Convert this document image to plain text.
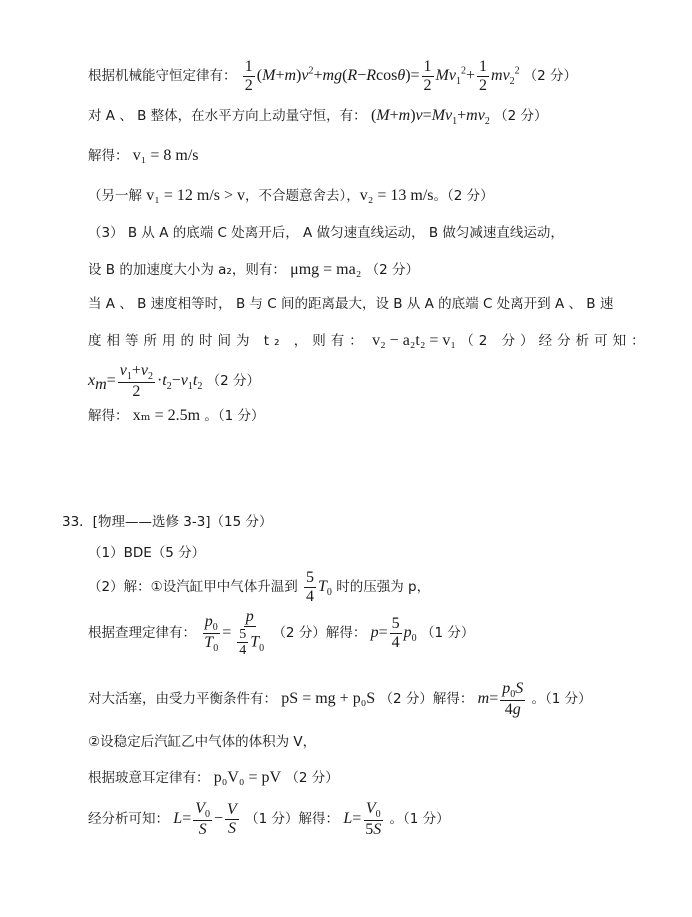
根据机械能守恒定律有： $\frac{1}{2} (M+m)v^2+mg(R-Rcos\theta)= \frac{1}{2} Mv_1^2+ \frac{1}{2} mv_2^2$ （2 分）
对 A 、 B 整体，在水平方向上动量守恒，有： $(M+m)v=Mv_1+mv_2$ （2 分）
解得： v₁ = 8 m/s
（另一解 v₁ = 12 m/s > v，不合题意舍去），v₂ = 13 m/s。（2 分）
（3） B 从 A 的底端 C 处离开后， A 做匀速直线运动， B 做匀减速直线运动，
设 B 的加速度大小为 a₂，则有： μmg = ma₂ （2 分）
当 A 、 B 速度相等时， B 与 C 间的距离最大，设 B 从 A 的底端 C 处离开到 A 、 B 速
度相等所用的时间为 t₂ ，则有： v₂ − a₂t₂ = v₁ （2 分）经分析可知：
$x_m= \frac{v_1+v_2}{2} \cdot t_2-v_1t_2$ （2 分）
解得： xₘ = 2.5m 。（1 分）
33．[物理——选修 3-3]（15 分）
（1）BDE（5 分）
（2）解：①设汽缸甲中气体升温到 $\frac{5}{4} T_0$ 时的压强为 p，
根据查理定律有： $\frac{p_0}{T_0} = \frac{p}{\frac{5}{4} T_0} (2$ 分）解得： $p= \frac{5}{4} p_0$ （1 分）
对大活塞，由受力平衡条件有： pS = mg + p₀S （2 分）解得： $m= \frac{p_0S}{4g}$ 。（1 分）
②设稳定后汽缸乙中气体的体积为 V，
根据玻意耳定律有： p₀V₀ = pV （2 分）
经分析可知： $L= \frac{V_0}{S} - \frac{V}{S} (1$ 分）解得： $L= \frac{V_0}{5S}$ 。（1 分）
